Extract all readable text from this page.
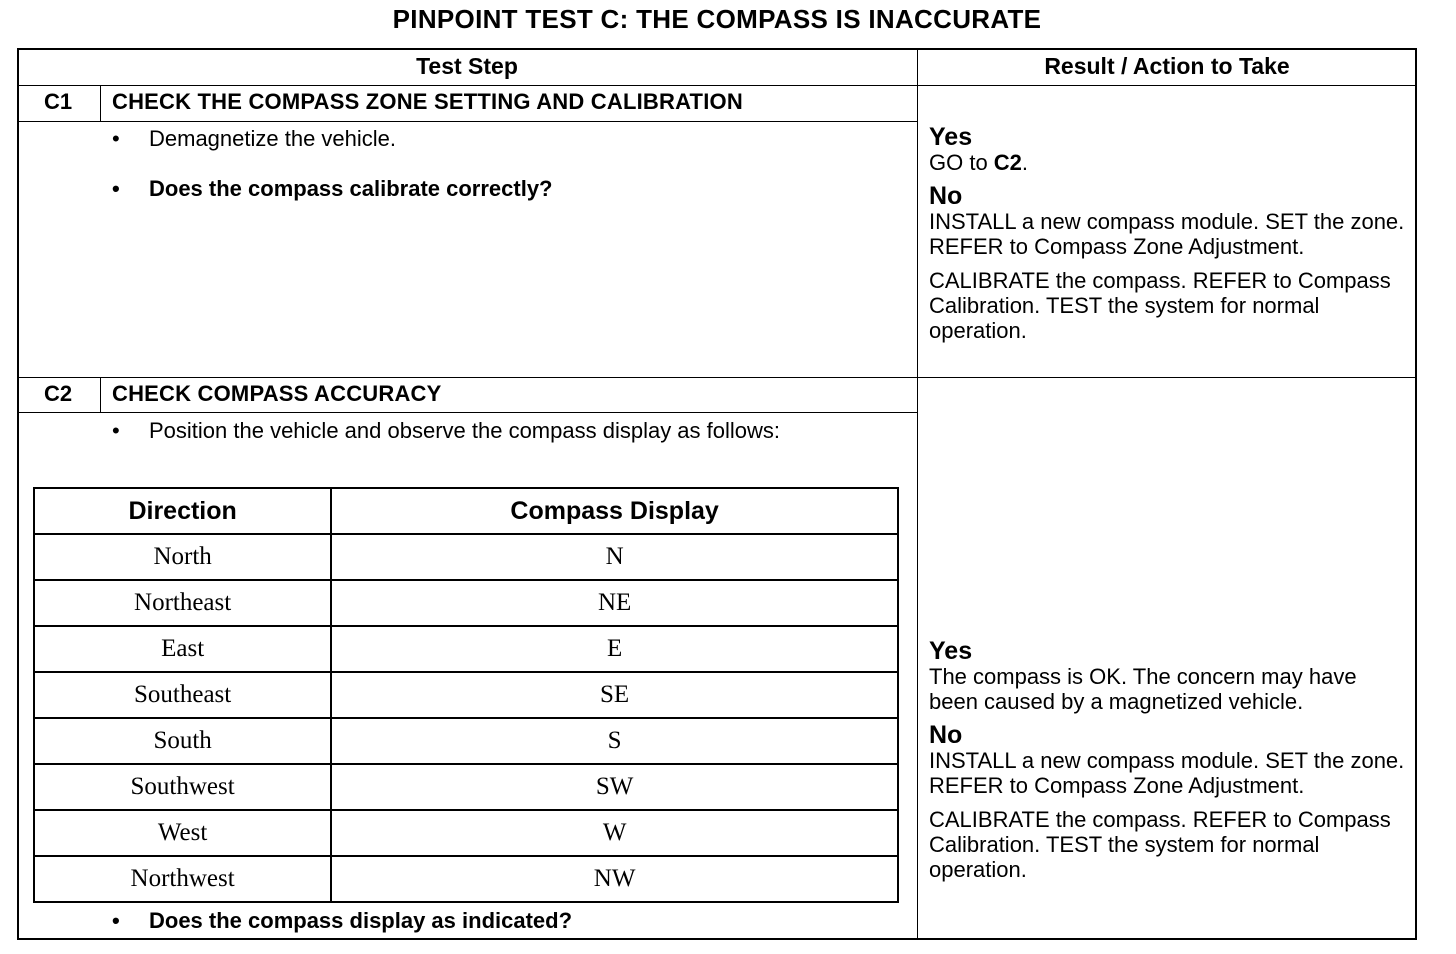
PINPOINT TEST C: THE COMPASS IS INACCURATE
Test Step	Result / Action to Take
C1	CHECK THE COMPASS ZONE SETTING AND CALIBRATION
• Demagnetize the vehicle.
• Does the compass calibrate correctly?
Yes

GO to C2.

No

INSTALL a new compass module. SET the zone. REFER to Compass Zone Adjustment.

CALIBRATE the compass. REFER to Compass Calibration. TEST the system for normal operation.

C2	CHECK COMPASS ACCURACY
• Position the vehicle and observe the compass display as follows:
Direction	Compass Display
North	N
Northeast	NE
East	E
Southeast	SE
South	S
Southwest	SW
West	W
Northwest	NW
• Does the compass display as indicated?
Yes

The compass is OK. The concern may have been caused by a magnetized vehicle.

No

INSTALL a new compass module. SET the zone. REFER to Compass Zone Adjustment.

CALIBRATE the compass. REFER to Compass Calibration. TEST the system for normal operation.
